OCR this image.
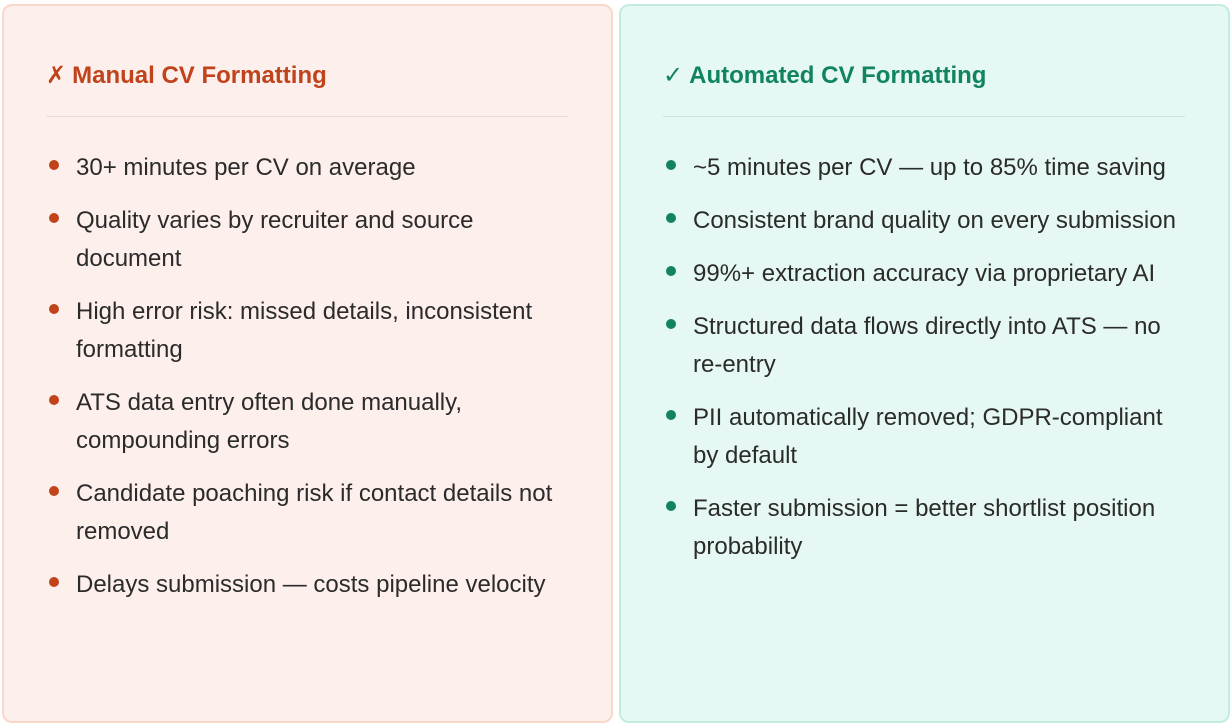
✗ Manual CV Formatting
30+ minutes per CV on average
Quality varies by recruiter and source document
High error risk: missed details, inconsistent formatting
ATS data entry often done manually, compounding errors
Candidate poaching risk if contact details not removed
Delays submission — costs pipeline velocity
✓ Automated CV Formatting
~5 minutes per CV — up to 85% time saving
Consistent brand quality on every submission
99%+ extraction accuracy via proprietary AI
Structured data flows directly into ATS — no re-entry
PII automatically removed; GDPR-compliant by default
Faster submission = better shortlist position probability
